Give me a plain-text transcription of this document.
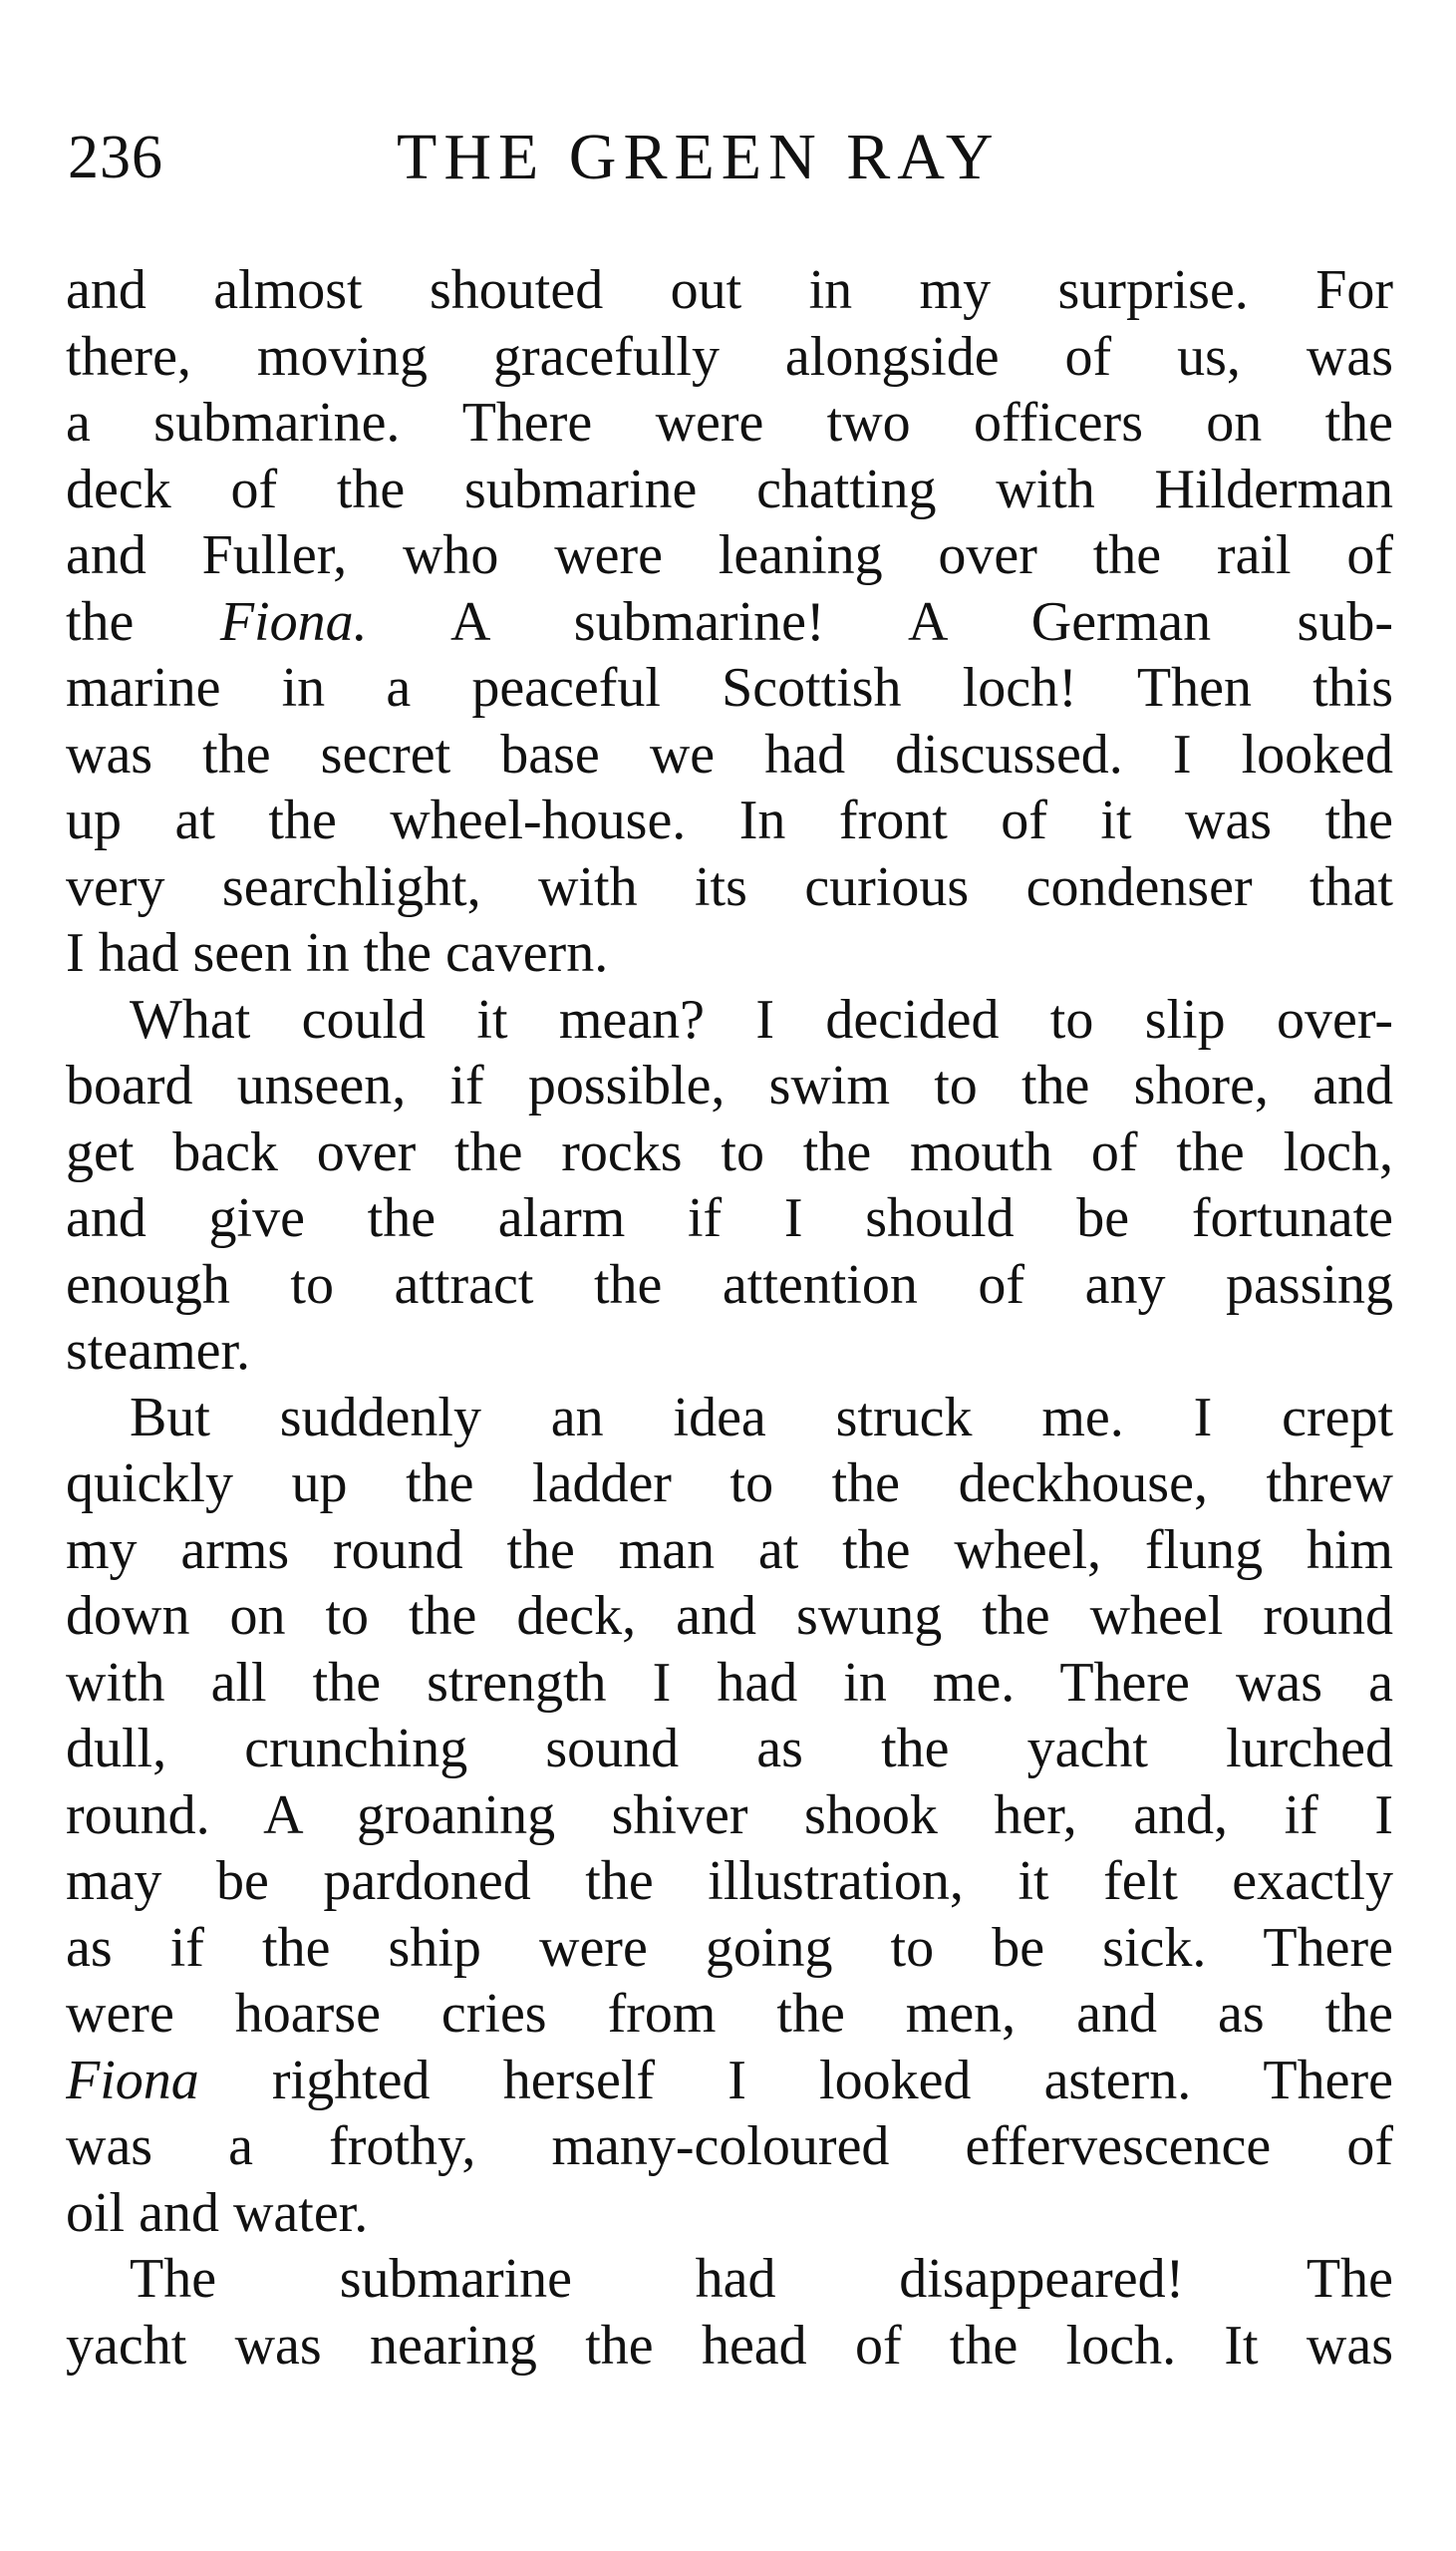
236	THE GREEN RAY
and almost shouted out in my surprise. For
there, moving gracefully alongside of us, was
a submarine. There were two officers on the
deck of the submarine chatting with Hilderman
and Fuller, who were leaning over the rail of
the Fiona. A submarine! A German sub-
marine in a peaceful Scottish loch! Then this
was the secret base we had discussed. I looked
up at the wheel-house. In front of it was the
very searchlight, with its curious condenser that
I had seen in the cavern.
What could it mean? I decided to slip over-
board unseen, if possible, swim to the shore, and
get back over the rocks to the mouth of the loch,
and give the alarm if I should be fortunate
enough to attract the attention of any passing
steamer.
But suddenly an idea struck me. I crept
quickly up the ladder to the deckhouse, threw
my arms round the man at the wheel, flung him
down on to the deck, and swung the wheel round
with all the strength I had in me. There was a
dull, crunching sound as the yacht lurched
round. A groaning shiver shook her, and, if I
may be pardoned the illustration, it felt exactly
as if the ship were going to be sick. There
were hoarse cries from the men, and as the
Fiona righted herself I looked astern. There
was a frothy, many-coloured effervescence of
oil and water.
The submarine had disappeared! The
yacht was nearing the head of the loch. It was
